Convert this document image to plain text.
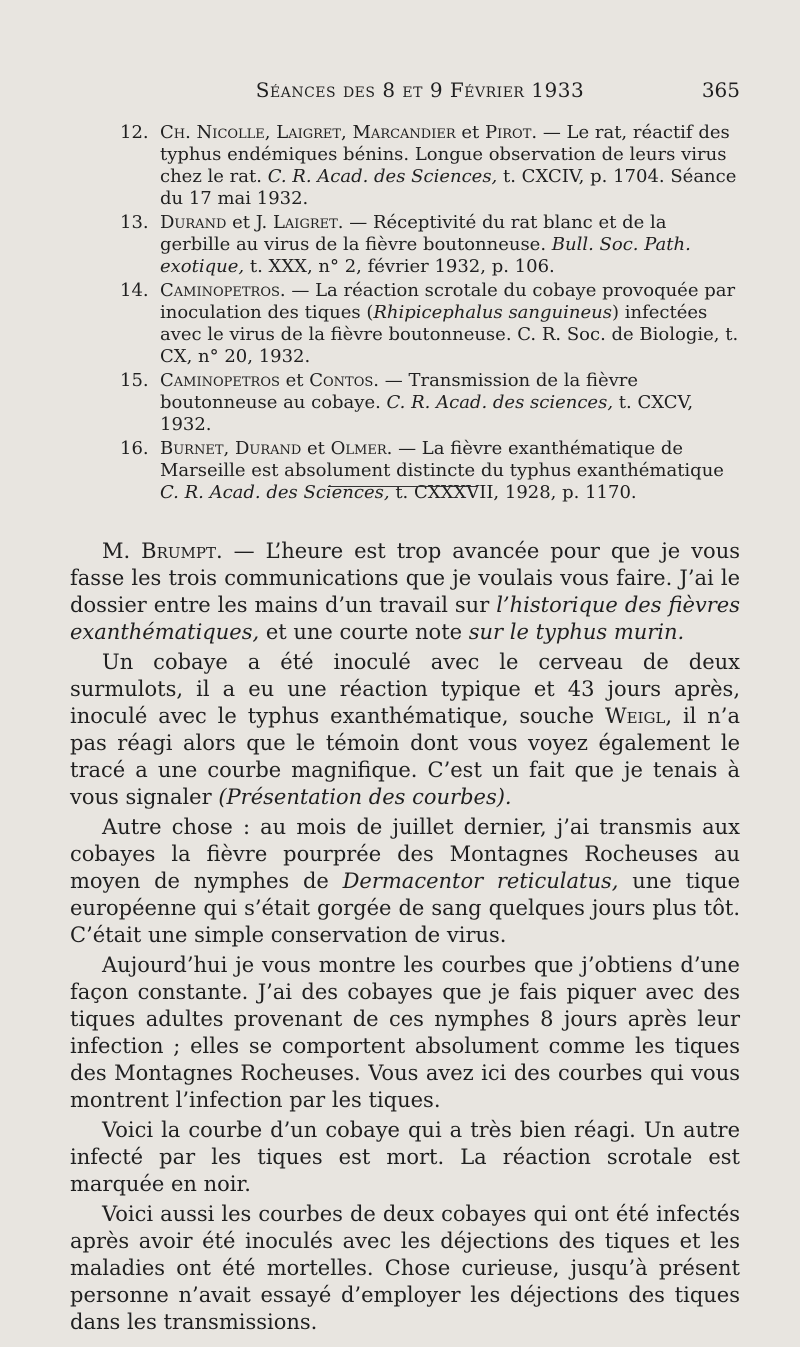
Séances des 8 et 9 Février 1933	365
12. Ch. Nicolle, Laigret, Marcandier et Pirot. — Le rat, réactif des typhus endémiques bénins. Longue observation de leurs virus chez le rat. C. R. Acad. des Sciences, t. CXCIV, p. 1704. Séance du 17 mai 1932.
13. Durand et J. Laigret. — Réceptivité du rat blanc et de la gerbille au virus de la fièvre boutonneuse. Bull. Soc. Path. exotique, t. XXX, n° 2, février 1932, p. 106.
14. Caminopetros. — La réaction scrotale du cobaye provoquée par inoculation des tiques (Rhipicephalus sanguineus) infectées avec le virus de la fièvre boutonneuse. C. R. Soc. de Biologie, t. CX, n° 20, 1932.
15. Caminopetros et Contos. — Transmission de la fièvre boutonneuse au cobaye. C. R. Acad. des sciences, t. CXCV, 1932.
16. Burnet, Durand et Olmer. — La fièvre exanthématique de Marseille est absolument distincte du typhus exanthématique C. R. Acad. des Sciences, t. CXXXVII, 1928, p. 1170.

M. Brumpt. — L’heure est trop avancée pour que je vous fasse les trois communications que je voulais vous faire. J’ai le dossier entre les mains d’un travail sur l’historique des fièvres exanthématiques, et une courte note sur le typhus murin.

Un cobaye a été inoculé avec le cerveau de deux surmulots, il a eu une réaction typique et 43 jours après, inoculé avec le typhus exanthématique, souche Weigl, il n’a pas réagi alors que le témoin dont vous voyez également le tracé a une courbe magnifique. C’est un fait que je tenais à vous signaler (Présentation des courbes).

Autre chose : au mois de juillet dernier, j’ai transmis aux cobayes la fièvre pourprée des Montagnes Rocheuses au moyen de nymphes de Dermacentor reticulatus, une tique européenne qui s’était gorgée de sang quelques jours plus tôt. C’était une simple conservation de virus.

Aujourd’hui je vous montre les courbes que j’obtiens d’une façon constante. J’ai des cobayes que je fais piquer avec des tiques adultes provenant de ces nymphes 8 jours après leur infection ; elles se comportent absolument comme les tiques des Montagnes Rocheuses. Vous avez ici des courbes qui vous montrent l’infection par les tiques.

Voici la courbe d’un cobaye qui a très bien réagi. Un autre infecté par les tiques est mort. La réaction scrotale est marquée en noir.

Voici aussi les courbes de deux cobayes qui ont été infectés après avoir été inoculés avec les déjections des tiques et les maladies ont été mortelles. Chose curieuse, jusqu’à présent personne n’avait essayé d’employer les déjections des tiques dans les transmissions.
